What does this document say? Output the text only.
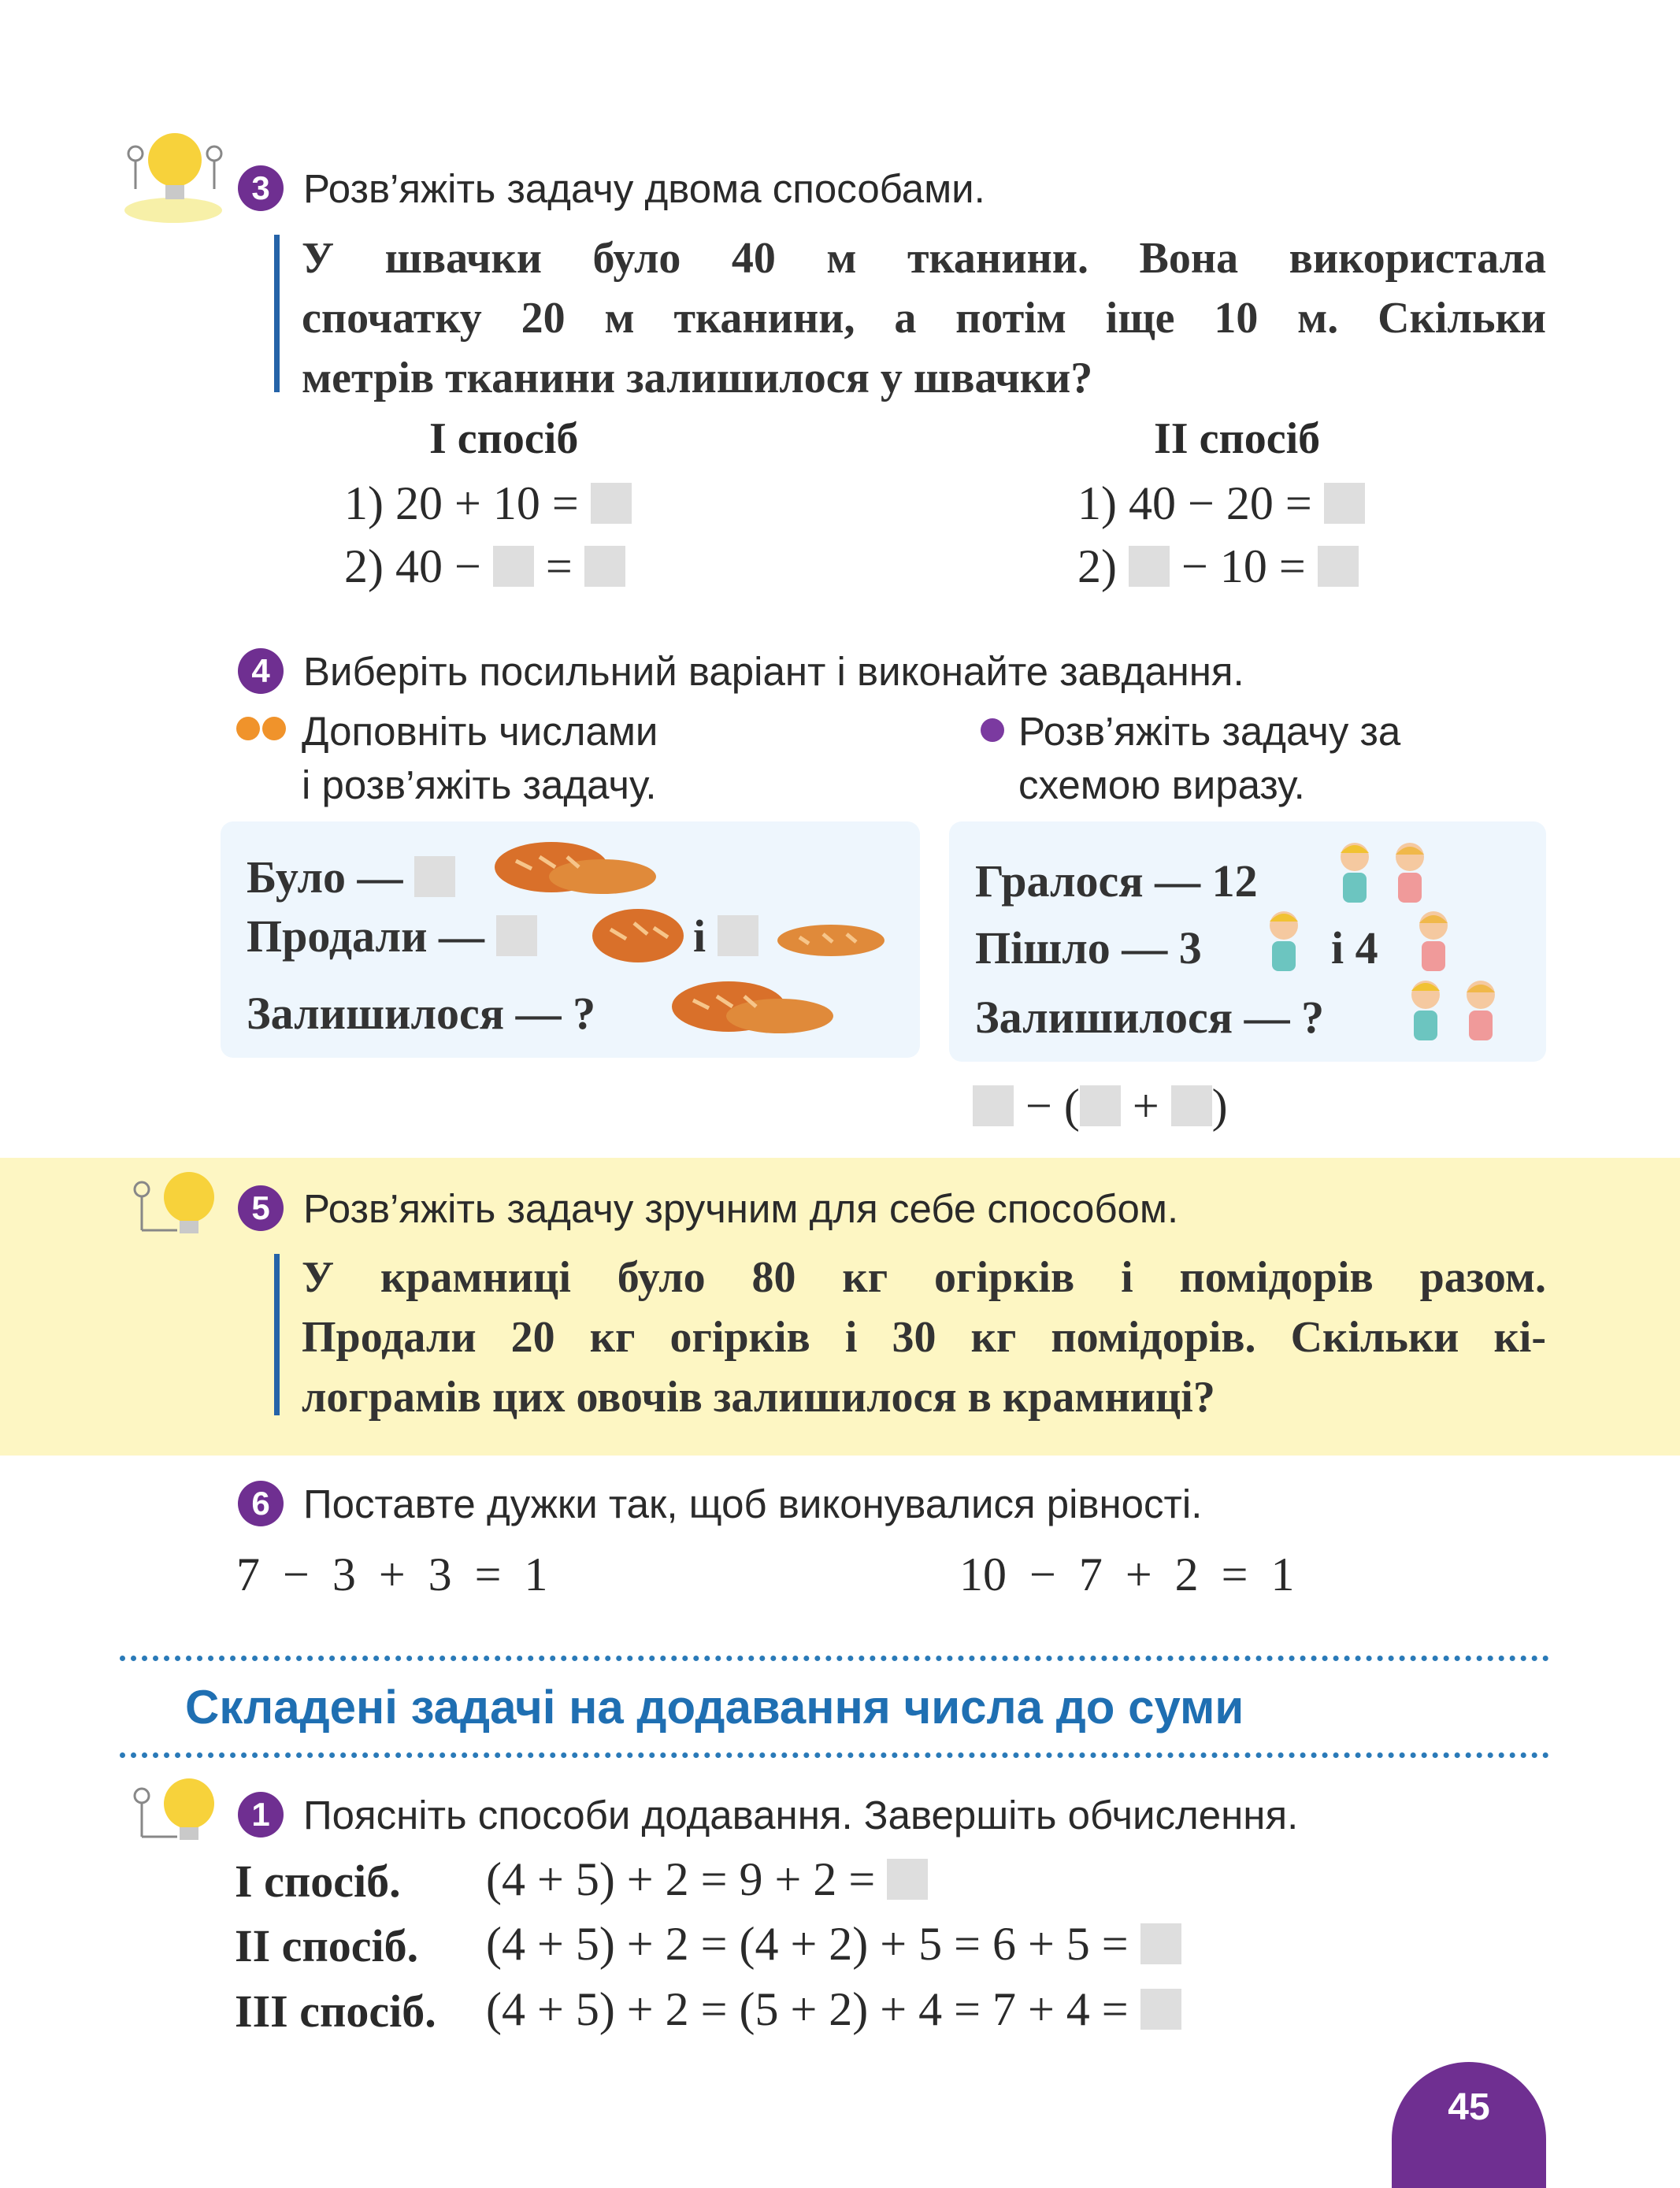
3 Розв’яжіть задачу двома способами.
У швачки було 40 м тканини. Вона використала
спочатку 20 м тканини, а потім іще 10 м. Скільки
метрів тканини залишилося у швачки?
І спосіб
1) 20 + 10 =
2) 40 − =
ІІ спосіб
1) 40 − 20 =
2) − 10 =
4 Виберіть посильний варіант і виконайте завдання.
Доповніть числами
і розв’яжіть задачу.
Розв’яжіть задачу за
схемою виразу.
Було —
Продали —	і
Залишилося — ?
Гралося — 12
Пішло — 3	і 4
Залишилося — ?
− ( + )
5 Розв’яжіть задачу зручним для себе способом.
У крамниці було 80 кг огірків і помідорів разом.
Продали 20 кг огірків і 30 кг помідорів. Скільки кі-
лограмів цих овочів залишилося в крамниці?
6 Поставте дужки так, щоб виконувалися рівності.
7 − 3 + 3 = 1	10 − 7 + 2 = 1
Складені задачі на додавання числа до суми
1 Поясніть способи додавання. Завершіть обчислення.
І спосіб. (4 + 5) + 2 = 9 + 2 =
ІІ спосіб. (4 + 5) + 2 = (4 + 2) + 5 = 6 + 5 =
ІІІ спосіб. (4 + 5) + 2 = (5 + 2) + 4 = 7 + 4 =
45
